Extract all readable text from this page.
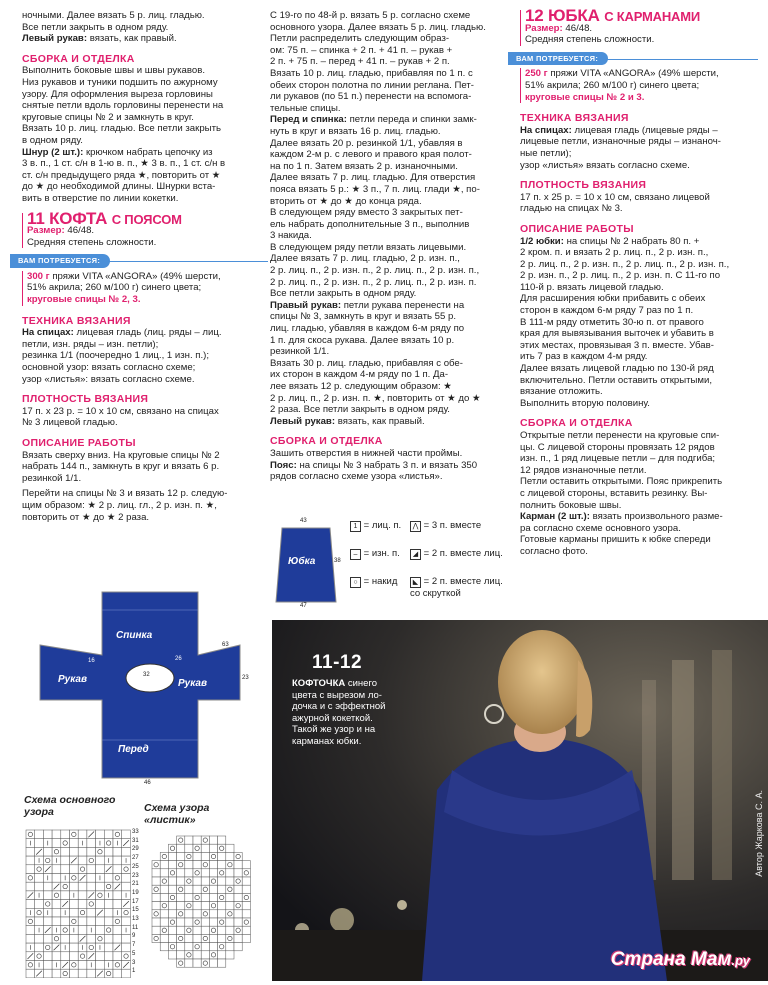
ночными. Далее вязать 5 р. лиц. гладью.

Все петли закрыть в одном ряду.

Левый рукав: вязать, как правый.

СБОРКА И ОТДЕЛКА

Выполнить боковые швы и швы рукавов.

Низ рукавов и туники подшить по ажурному

узору. Для оформления выреза горловины

снятые петли вдоль горловины перенести на

круговые спицы № 2 и замкнуть в круг.

Вязать 10 р. лиц. гладью. Все петли закрыть

в одном ряду.

Шнур (2 шт.): крючком набрать цепочку из

3 в. п., 1 ст. с/н в 1-ю в. п., ★ 3 в. п., 1 ст. с/н в

ст. с/н предыдущего ряда ★, повторить от ★

до ★ до необходимой длины. Шнурки вста-

вить в отверстие по линии кокетки.

11 КОФТА С ПОЯСОМ

Размер: 46/48.

Средняя степень сложности.

ВАМ ПОТРЕБУЕТСЯ:

300 г пряжи VITA «ANGORA» (49% шерсти,

51% акрила; 260 м/100 г) синего цвета;

круговые спицы № 2, 3.

ТЕХНИКА ВЯЗАНИЯ

На спицах: лицевая гладь (лиц. ряды – лиц.

петли, изн. ряды – изн. петли);

резинка 1/1 (поочередно 1 лиц., 1 изн. п.);

основной узор: вязать согласно схеме;

узор «листья»: вязать согласно схеме.

ПЛОТНОСТЬ ВЯЗАНИЯ

17 п. x 23 р. = 10 x 10 см, связано на спицах

№ 3 лицевой гладью.

ОПИСАНИЕ РАБОТЫ

Вязать сверху вниз. На круговые спицы № 2

набрать 144 п., замкнуть в круг и вязать 6 р.

резинкой 1/1.

Перейти на спицы № 3 и вязать 12 р. следую-

щим образом: ★ 2 р. лиц. гл., 2 р. изн. п. ★,

повторить от ★ до ★ 2 раза.

Спинка
Рукав	Рукав
Перед
32
26
23
46
63
16
Схема основного узора	Схема узора «листик»
33
31
29
27
25
23
21
19
17
15
13
11
9
7
5
3
1

С 19-го по 48-й р. вязать 5 р. согласно схеме

основного узора. Далее вязать 5 р. лиц. гладью.

Петли распределить следующим образ-

ом: 75 п. – спинка + 2 п. + 41 п. – рукав +

2 п. + 75 п. – перед + 41 п. – рукав + 2 п.

Вязать 10 р. лиц. гладью, прибавляя по 1 п. с

обеих сторон полотна по линии реглана. Пет-

ли рукавов (по 51 п.) перенести на вспомога-

тельные спицы.

Перед и спинка: петли переда и спинки замк-

нуть в круг и вязать 16 р. лиц. гладью.

Далее вязать 20 р. резинкой 1/1, убавляя в

каждом 2-м р. с левого и правого края полот-

на по 1 п. Затем вязать 2 р. изнаночными.

Далее вязать 7 р. лиц. гладью. Для отверстия

пояса вязать 5 р.: ★ 3 п., 7 п. лиц. глади ★, по-

вторить от ★ до ★ до конца ряда.

В следующем ряду вместо 3 закрытых пет-

ель набрать дополнительные 3 п., выполнив

3 накида.

В следующем ряду петли вязать лицевыми.

Далее вязать 7 р. лиц. гладью, 2 р. изн. п.,

2 р. лиц. п., 2 р. изн. п., 2 р. лиц. п., 2 р. изн. п.,

2 р. лиц. п., 2 р. изн. п., 2 р. лиц. п., 2 р. изн. п.

Все петли закрыть в одном ряду.

Правый рукав: петли рукава перенести на

спицы № 3, замкнуть в круг и вязать 55 р.

лиц. гладью, убавляя в каждом 6-м ряду по

1 п. для скоса рукава. Далее вязать 10 р.

резинкой 1/1.

Вязать 30 р. лиц. гладью, прибавляя с обе-

их сторон в каждом 4-м ряду по 1 п. Да-

лее вязать 12 р. следующим образом: ★

2 р. лиц. п., 2 р. изн. п. ★, повторить от ★ до ★

2 раза. Все петли закрыть в одном ряду.

Левый рукав: вязать, как правый.

СБОРКА И ОТДЕЛКА

Зашить отверстия в нижней части проймы.

Пояс: на спицы № 3 набрать 3 п. и вязать 350

рядов согласно схеме узора «листья».

Юбка
43
47
38
1 = лиц. п.
– = изн. п.
○ = накид
⋀ = 3 п. вместе
◢ = 2 п. вместе лиц.
◣ = 2 п. вместе лиц. со скруткой
12 ЮБКА С КАРМАНАМИ

Размер: 46/48.

Средняя степень сложности.

ВАМ ПОТРЕБУЕТСЯ:

250 г пряжи VITA «ANGORA» (49% шерсти,

51% акрила; 260 м/100 г) синего цвета;

круговые спицы № 2 и 3.

ТЕХНИКА ВЯЗАНИЯ

На спицах: лицевая гладь (лицевые ряды –

лицевые петли, изнаночные ряды – изнаноч-

ные петли);

узор «листья» вязать согласно схеме.

ПЛОТНОСТЬ ВЯЗАНИЯ

17 п. x 25 р. = 10 x 10 см, связано лицевой

гладью на спицах № 3.

ОПИСАНИЕ РАБОТЫ

1/2 юбки: на спицы № 2 набрать 80 п. +

2 кром. п. и вязать 2 р. лиц. п., 2 р. изн. п.,

2 р. лиц. п., 2 р. изн. п., 2 р. лиц. п., 2 р. изн. п.,

2 р. изн. п., 2 р. лиц. п., 2 р. изн. п. С 11-го по

110-й р. вязать лицевой гладью.

Для расширения юбки прибавить с обеих

сторон в каждом 6-м ряду 7 раз по 1 п.

В 111-м ряду отметить 30-ю п. от правого

края для вывязывания выточек и убавить в

этих местах, провязывая 3 п. вместе. Убав-

ить 7 раз в каждом 4-м ряду.

Далее вязать лицевой гладью по 130-й ряд

включительно. Петли оставить открытыми,

вязание отложить.

Выполнить вторую половину.

СБОРКА И ОТДЕЛКА

Открытые петли перенести на круговые спи-

цы. С лицевой стороны провязать 12 рядов

изн. п., 1 ряд лицевые петли – для подгиба;

12 рядов изнаночные петли.

Петли оставить открытыми. Пояс прикрепить

с лицевой стороны, вставить резинку. Вы-

полнить боковые швы.

Карман (2 шт.): вязать произвольного разме-

ра согласно схеме основного узора.

Готовые карманы пришить к юбке спереди

согласно фото.

11-12
КОФТОЧКА синего
цвета с вырезом ло-
дочка и с эффектной
ажурной кокеткой.
Такой же узор и на
карманах юбки.
Автор Жаркова С. А.
Страна Мам.ру
